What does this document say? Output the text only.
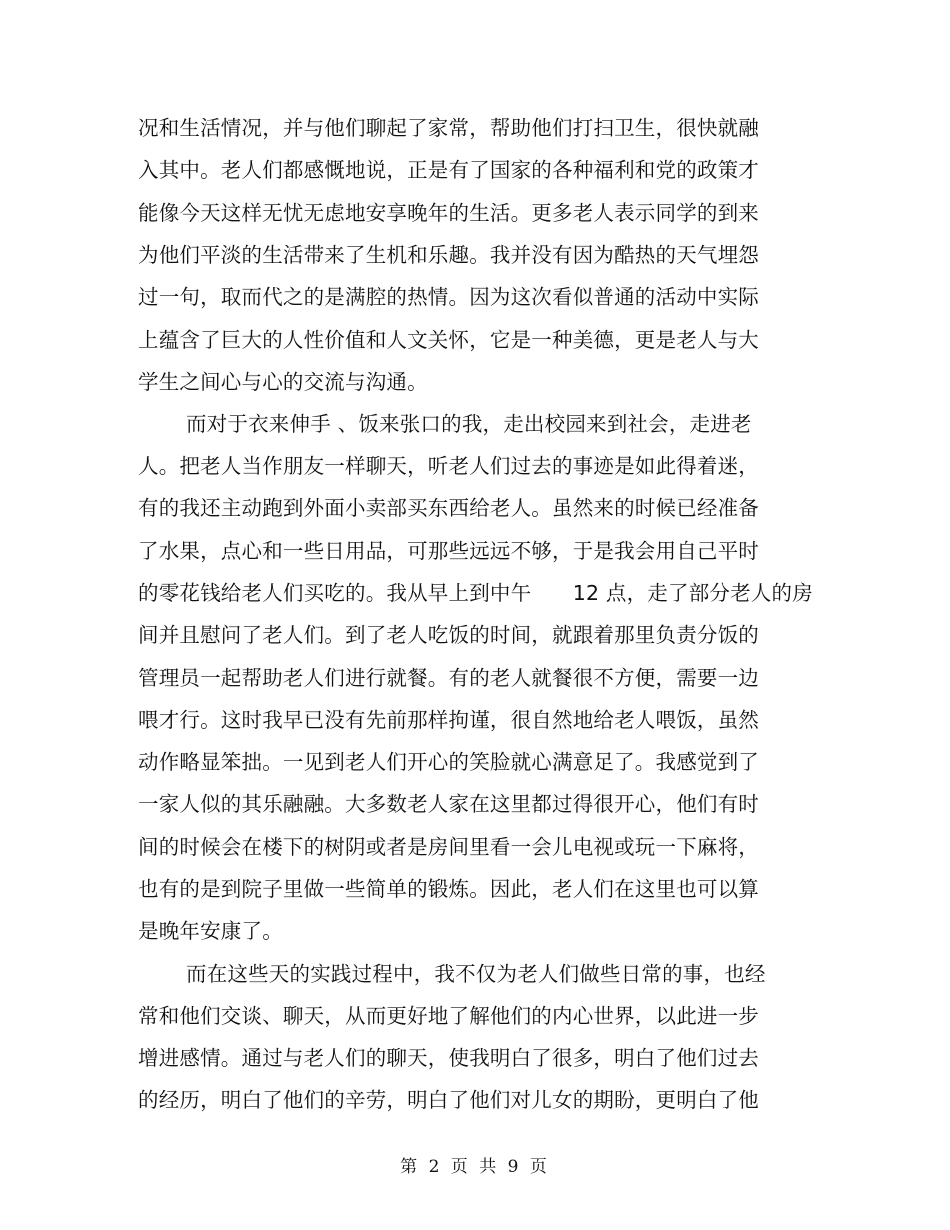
况和生活情况，并与他们聊起了家常，帮助他们打扫卫生，很快就融
入其中。老人们都感慨地说，正是有了国家的各种福利和党的政策才
能像今天这样无忧无虑地安享晚年的生活。更多老人表示同学的到来
为他们平淡的生活带来了生机和乐趣。我并没有因为酷热的天气埋怨
过一句，取而代之的是满腔的热情。因为这次看似普通的活动中实际
上蕴含了巨大的人性价值和人文关怀，它是一种美德，更是老人与大
学生之间心与心的交流与沟通。
而对于衣来伸手 、饭来张口的我，走出校园来到社会，走进老
人。把老人当作朋友一样聊天，听老人们过去的事迹是如此得着迷，
有的我还主动跑到外面小卖部买东西给老人。虽然来的时候已经准备
了水果，点心和一些日用品，可那些远远不够，于是我会用自己平时
的零花钱给老人们买吃的。我从早上到中午　　12 点，走了部分老人的房
间并且慰问了老人们。到了老人吃饭的时间，就跟着那里负责分饭的
管理员一起帮助老人们进行就餐。有的老人就餐很不方便，需要一边
喂才行。这时我早已没有先前那样拘谨，很自然地给老人喂饭，虽然
动作略显笨拙。一见到老人们开心的笑脸就心满意足了。我感觉到了
一家人似的其乐融融。大多数老人家在这里都过得很开心，他们有时
间的时候会在楼下的树阴或者是房间里看一会儿电视或玩一下麻将，
也有的是到院子里做一些简单的锻炼。因此，老人们在这里也可以算
是晚年安康了。
而在这些天的实践过程中，我不仅为老人们做些日常的事，也经
常和他们交谈、聊天，从而更好地了解他们的内心世界，以此进一步
增进感情。通过与老人们的聊天，使我明白了很多，明白了他们过去
的经历，明白了他们的辛劳，明白了他们对儿女的期盼，更明白了他
第 2 页 共 9 页
